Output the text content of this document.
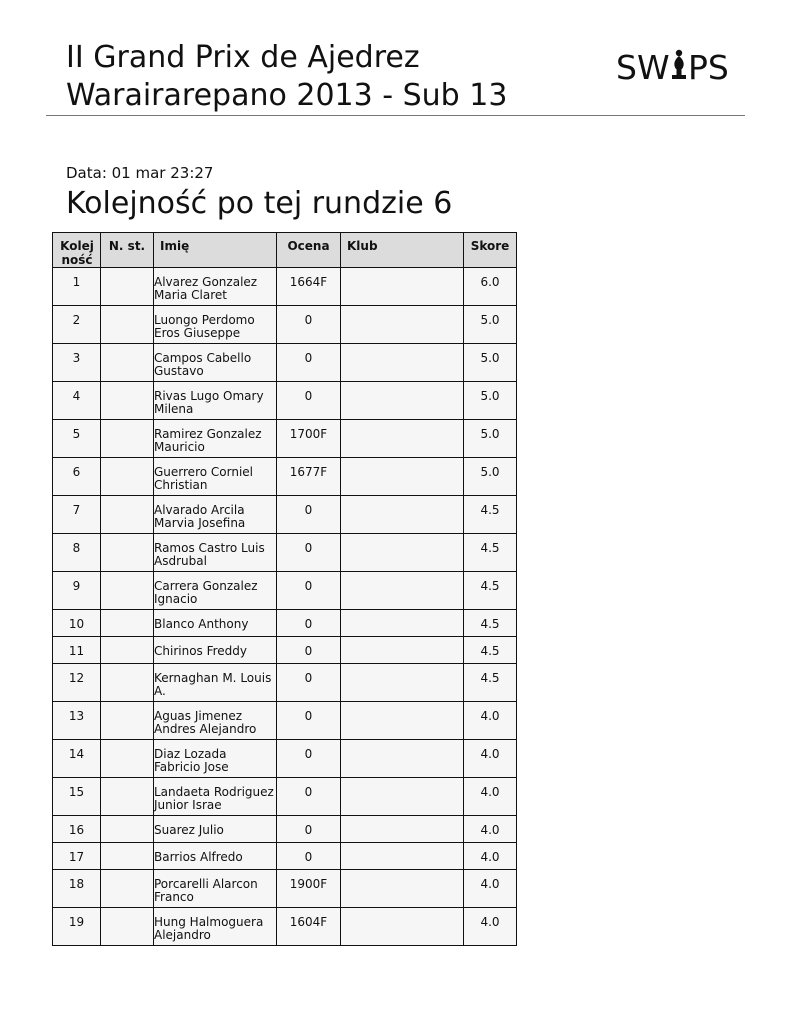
II Grand Prix de Ajedrez
Warairarepano 2013 - Sub 13
SW PS
Data: 01 mar 23:27
Kolejność po tej rundzie 6
Kolej ność	N. st.	Imię	Ocena	Klub	Skore
1		Alvarez Gonzalez Maria Claret	1664F		6.0
2		Luongo Perdomo Eros Giuseppe	0		5.0
3		Campos Cabello Gustavo	0		5.0
4		Rivas Lugo Omary Milena	0		5.0
5		Ramirez Gonzalez Mauricio	1700F		5.0
6		Guerrero Corniel Christian	1677F		5.0
7		Alvarado Arcila Marvia Josefina	0		4.5
8		Ramos Castro Luis Asdrubal	0		4.5
9		Carrera Gonzalez Ignacio	0		4.5
10		Blanco Anthony	0		4.5
11		Chirinos Freddy	0		4.5
12		Kernaghan M. Louis A.	0		4.5
13		Aguas Jimenez Andres Alejandro	0		4.0
14		Diaz Lozada Fabricio Jose	0		4.0
15		Landaeta Rodriguez Junior Israe	0		4.0
16		Suarez Julio	0		4.0
17		Barrios Alfredo	0		4.0
18		Porcarelli Alarcon Franco	1900F		4.0
19		Hung Halmoguera Alejandro	1604F		4.0
